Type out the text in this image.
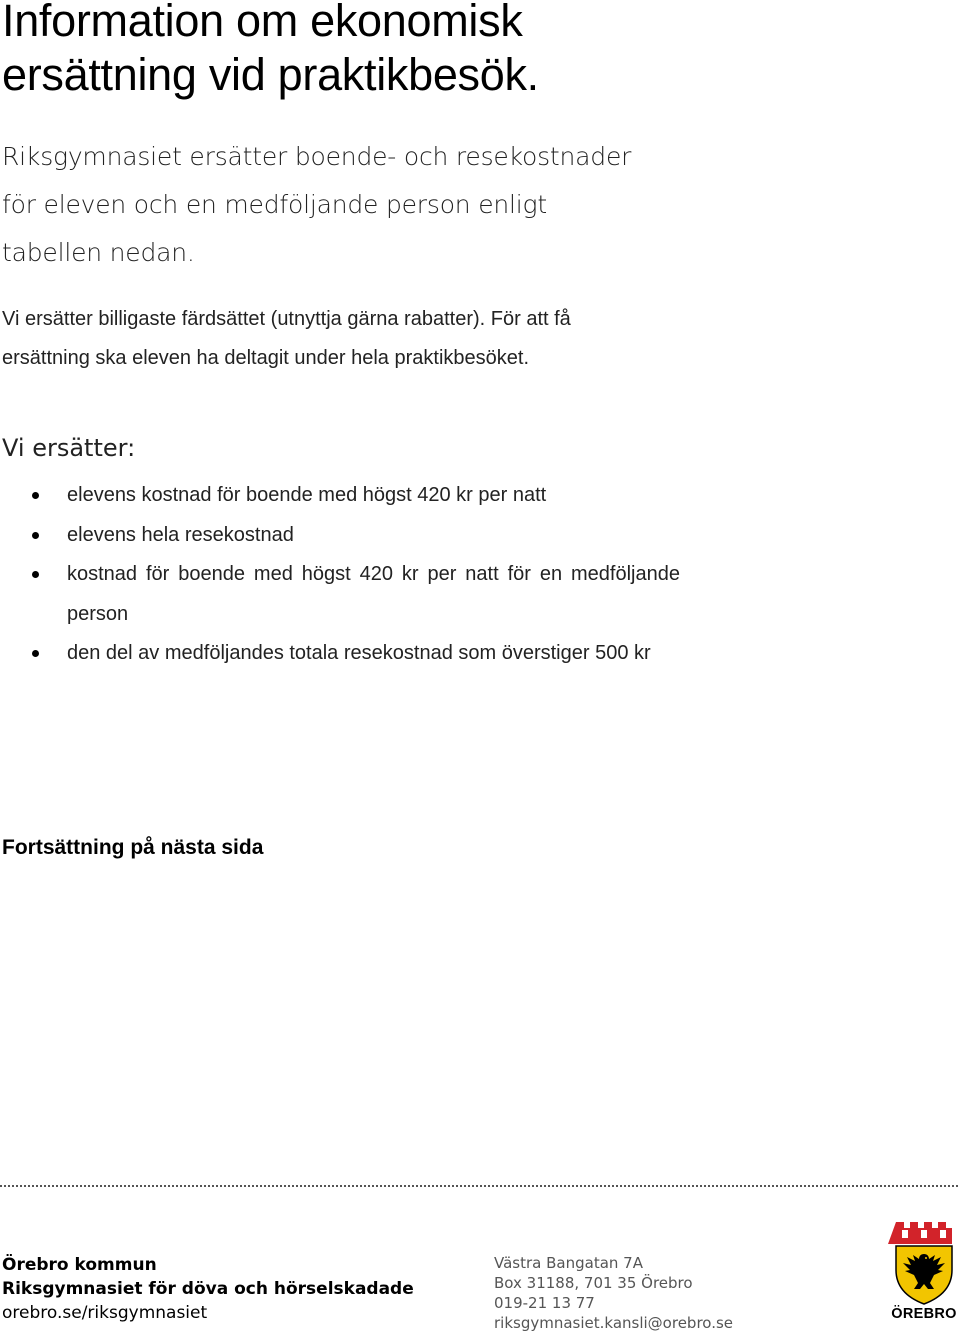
Information om ekonomisk
ersättning vid praktikbesök.

Riksgymnasiet ersätter boende- och resekostnader
för eleven och en medföljande person enligt
tabellen nedan.

Vi ersätter billigaste färdsättet (utnyttja gärna rabatter). För att få
ersättning ska eleven ha deltagit under hela praktikbesöket.

Vi ersätter:

elevens kostnad för boende med högst 420 kr per natt
elevens hela resekostnad
kostnad för boende med högst 420 kr per natt för en medföljande person
den del av medföljandes totala resekostnad som överstiger 500 kr

Fortsättning på nästa sida

Örebro kommun
Riksgymnasiet för döva och hörselskadade
orebro.se/riksgymnasiet
Västra Bangatan 7A
Box 31188, 701 35 Örebro
019-21 13 77
riksgymnasiet.kansli@orebro.se	ÖREBRO
